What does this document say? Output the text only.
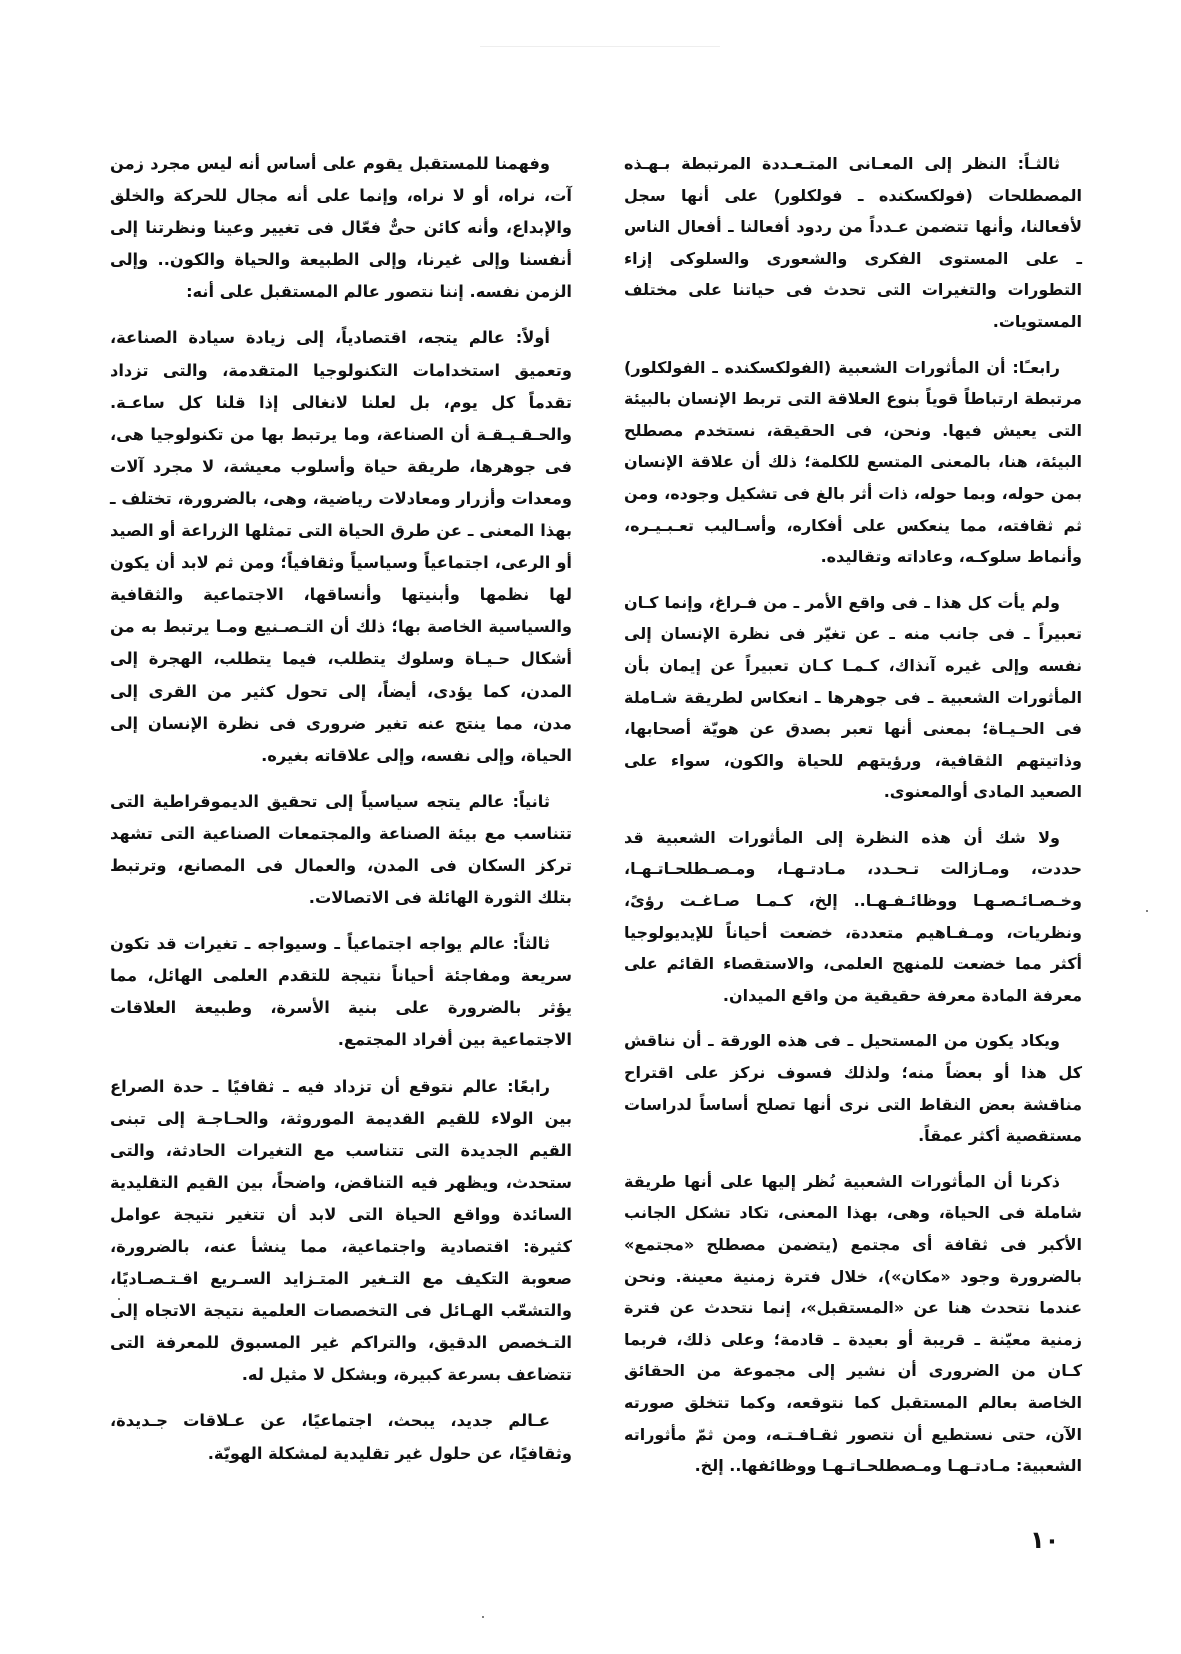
ثالثـاً: النظر إلى المعـانى المتـعـددة المرتبطة بـهـذه المصطلحات (فولكسكنده ـ فولكلور) على أنها سجل لأفعالنا، وأنها تتضمن عـدداً من ردود أفعالنا ـ أفعال الناس ـ على المستوى الفكرى والشعورى والسلوكى إزاء التطورات والتغيرات التى تحدث فى حياتنا على مختلف المستويات.

رابعـًا: أن المأثورات الشعبية (الفولكسكنده ـ الفولكلور) مرتبطة ارتباطاً قوياً بنوع العلاقة التى تربط الإنسان بالبيئة التى يعيش فيها. ونحن، فى الحقيقة، نستخدم مصطلح البيئة، هنا، بالمعنى المتسع للكلمة؛ ذلك أن علاقة الإنسان بمن حوله، وبما حوله، ذات أثر بالغ فى تشكيل وجوده، ومن ثم ثقافته، مما ينعكس على أفكاره، وأسـاليب تعـبـيـره، وأنماط سلوكـه، وعاداته وتقاليده.

ولم يأت كل هذا ـ فى واقع الأمر ـ من فـراغ، وإنما كـان تعبيراً ـ فى جانب منه ـ عن تغيّر فى نظرة الإنسان إلى نفسه وإلى غيره آنذاك، كـمـا كـان تعبيراً عن إيمان بأن المأثورات الشعبية ـ فى جوهرها ـ انعكاس لطريقة شـاملة فى الحـيـاة؛ بمعنى أنها تعبر بصدق عن هويّة أصحابها، وذاتيتهم الثقافية، ورؤيتهم للحياة والكون، سواء على الصعيد المادى أوالمعنوى.

ولا شك أن هذه النظرة إلى المأثورات الشعبية قد حددت، ومـازالت تـحـدد، مـادتـهـا، ومـصـطلحـاتـهـا، وخـصـائـصـهـا ووظائـفـهـا.. إلخ، كـمـا صـاغـت رؤىً، ونظريات، ومـفـاهيم متعددة، خضعت أحياناً للإيديولوجيا أكثر مما خضعت للمنهج العلمى، والاستقصاء القائم على معرفة المادة معرفة حقيقية من واقع الميدان.

ويكاد يكون من المستحيل ـ فى هذه الورقة ـ أن نناقش كل هذا أو بعضاً منه؛ ولذلك فسوف نركز على اقتراح مناقشة بعض النقاط التى نرى أنها تصلح أساساً لدراسات مستقصية أكثر عمقاً.

ذكرنا أن المأثورات الشعبية نُظر إليها على أنها طريقة شاملة فى الحياة، وهى، بهذا المعنى، تكاد تشكل الجانب الأكبر فى ثقافة أى مجتمع (يتضمن مصطلح «مجتمع» بالضرورة وجود «مكان»)، خلال فترة زمنية معينة. ونحن عندما نتحدث هنا عن «المستقبل»، إنما نتحدث عن فترة زمنية معيّنة ـ قريبة أو بعيدة ـ قادمة؛ وعلى ذلك، فربما كـان من الضرورى أن نشير إلى مجموعة من الحقائق الخاصة بعالم المستقبل كما نتوقعه، وكما تتخلق صورته الآن، حتى نستطيع أن نتصور ثقـافـتـه، ومن ثمّ مأثوراته الشعبية: مـادتـهـا ومـصطلحـاتـهـا ووظائفها.. إلخ.

وفهمنا للمستقبل يقوم على أساس أنه ليس مجرد زمن آت، نراه، أو لا نراه، وإنما على أنه مجال للحركة والخلق والإبداع، وأنه كائن حىٌّ فعّال فى تغيير وعينا ونظرتنا إلى أنفسنا وإلى غيرنا، وإلى الطبيعة والحياة والكون.. وإلى الزمن نفسه. إننا نتصور عالم المستقبل على أنه:

أولاً: عالم يتجه، اقتصادياً، إلى زيادة سيادة الصناعة، وتعميق استخدامات التكنولوجيا المتقدمة، والتى تزداد تقدماً كل يوم، بل لعلنا لانغالى إذا قلنا كل ساعـة. والحـقـيـقـة أن الصناعة، وما يرتبط بها من تكنولوجيا هى، فى جوهرها، طريقة حياة وأسلوب معيشة، لا مجرد آلات ومعدات وأزرار ومعادلات رياضية، وهى، بالضرورة، تختلف ـ بهذا المعنى ـ عن طرق الحياة التى تمثلها الزراعة أو الصيد أو الرعى، اجتماعياً وسياسياً وثقافياً؛ ومن ثم لابد أن يكون لها نظمها وأبنيتها وأنساقها، الاجتماعية والثقافية والسياسية الخاصة بها؛ ذلك أن التـصـنيع ومـا يرتبط به من أشكال حـيـاة وسلوك يتطلب، فيما يتطلب، الهجرة إلى المدن، كما يؤدى، أيضاً، إلى تحول كثير من القرى إلى مدن، مما ينتج عنه تغير ضرورى فى نظرة الإنسان إلى الحياة، وإلى نفسه، وإلى علاقاته بغيره.

ثانياً: عالم يتجه سياسياً إلى تحقيق الديموقراطية التى تتناسب مع بيئة الصناعة والمجتمعات الصناعية التى تشهد تركز السكان فى المدن، والعمال فى المصانع، وترتبط بتلك الثورة الهائلة فى الاتصالات.

ثالثاً: عالم يواجه اجتماعياً ـ وسيواجه ـ تغيرات قد تكون سريعة ومفاجئة أحياناً نتيجة للتقدم العلمى الهائل، مما يؤثر بالضرورة على بنية الأسرة، وطبيعة العلاقات الاجتماعية بين أفراد المجتمع.

رابعًا: عالم نتوقع أن تزداد فيه ـ ثقافيًا ـ حدة الصراع بين الولاء للقيم القديمة الموروثة، والحـاجـة إلى تبنى القيم الجديدة التى تتناسب مع التغيرات الحادثة، والتى ستحدث، ويظهر فيه التناقض، واضحاً، بين القيم التقليدية السائدة وواقع الحياة التى لابد أن تتغير نتيجة عوامل كثيرة: اقتصادية واجتماعية، مما ينشأ عنه، بالضرورة، صعوبة التكيف مع التـغير المتـزايد السـريع اقـتـصـاديًا، والتشعّب الهـائل فى التخصصات العلمية نتيجة الاتجاه إلى التـخصص الدقيق، والتراكم غير المسبوق للمعرفة التى تتضاعف بسرعة كبيرة، وبشكل لا مثيل له.

عـالم جديد، يبحث، اجتماعيًا، عن عـلاقات جـديدة، وثقافيًا، عن حلول غير تقليدية لمشكلة الهويّة.

١٠
